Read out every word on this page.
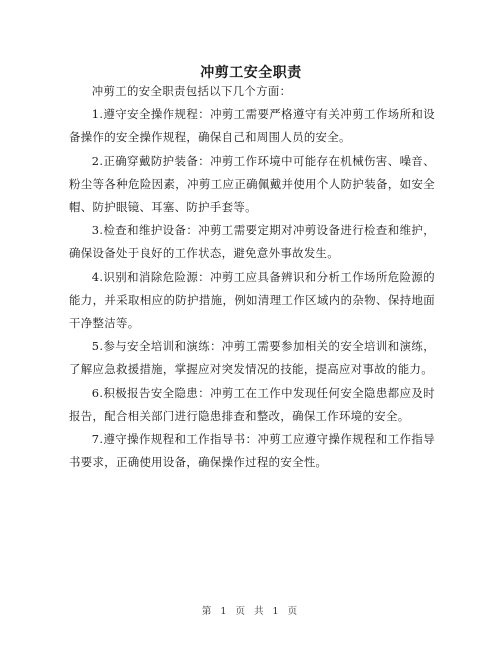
冲剪工安全职责

冲剪工的安全职责包括以下几个方面：

1.遵守安全操作规程：冲剪工需要严格遵守有关冲剪工作场所和设备操作的安全操作规程，确保自己和周围人员的安全。

2.正确穿戴防护装备：冲剪工作环境中可能存在机械伤害、噪音、粉尘等各种危险因素，冲剪工应正确佩戴并使用个人防护装备，如安全帽、防护眼镜、耳塞、防护手套等。

3.检查和维护设备：冲剪工需要定期对冲剪设备进行检查和维护，确保设备处于良好的工作状态，避免意外事故发生。

4.识别和消除危险源：冲剪工应具备辨识和分析工作场所危险源的能力，并采取相应的防护措施，例如清理工作区域内的杂物、保持地面干净整洁等。

5.参与安全培训和演练：冲剪工需要参加相关的安全培训和演练，了解应急救援措施，掌握应对突发情况的技能，提高应对事故的能力。

6.积极报告安全隐患：冲剪工在工作中发现任何安全隐患都应及时报告，配合相关部门进行隐患排查和整改，确保工作环境的安全。

7.遵守操作规程和工作指导书：冲剪工应遵守操作规程和工作指导书要求，正确使用设备，确保操作过程的安全性。

第 1 页 共 1 页
